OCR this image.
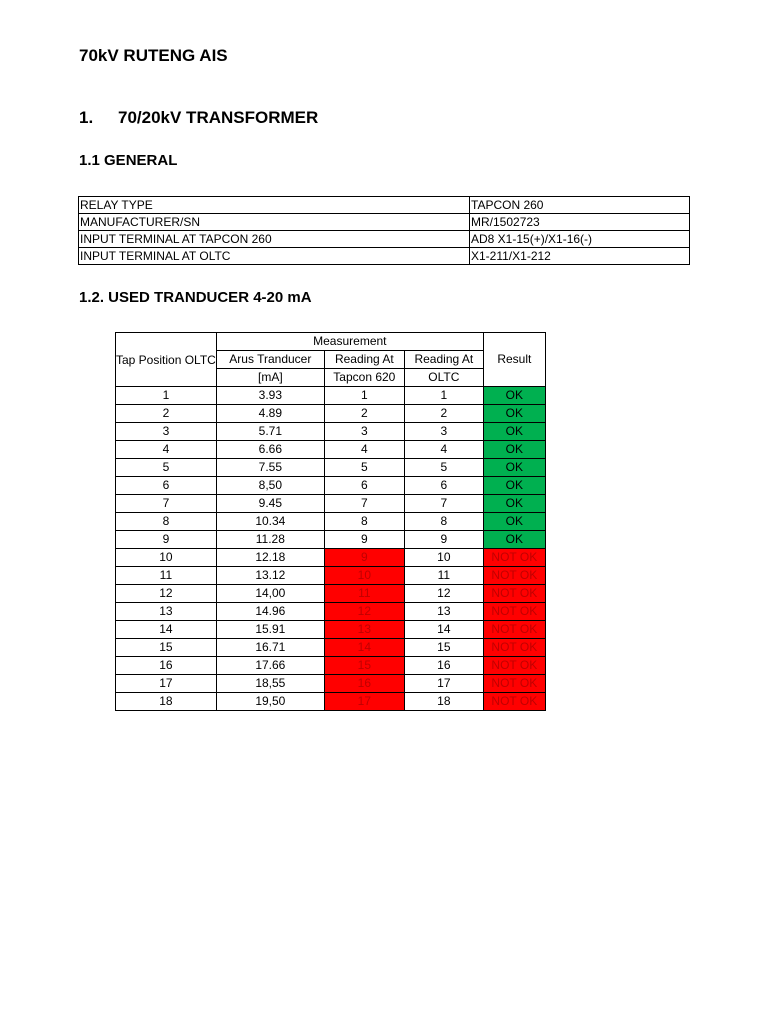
70kV RUTENG AIS
1. 70/20kV TRANSFORMER
1.1 GENERAL
RELAY TYPE	TAPCON 260
MANUFACTURER/SN	MR/1502723
INPUT TERMINAL AT TAPCON 260	AD8 X1-15(+)/X1-16(-)
INPUT TERMINAL AT OLTC	X1-211/X1-212
1.2. USED TRANDUCER 4-20 mA
Tap Position OLTC	Measurement			Result
	Arus Tranducer	Reading At	Reading At	
	[mA]	Tapcon 620	OLTC	
1	3.93	1	1	OK
2	4.89	2	2	OK
3	5.71	3	3	OK
4	6.66	4	4	OK
5	7.55	5	5	OK
6	8,50	6	6	OK
7	9.45	7	7	OK
8	10.34	8	8	OK
9	11.28	9	9	OK
10	12.18	9	10	NOT OK
11	13.12	10	11	NOT OK
12	14,00	11	12	NOT OK
13	14.96	12	13	NOT OK
14	15.91	13	14	NOT OK
15	16.71	14	15	NOT OK
16	17.66	15	16	NOT OK
17	18,55	16	17	NOT OK
18	19,50	17	18	NOT OK
